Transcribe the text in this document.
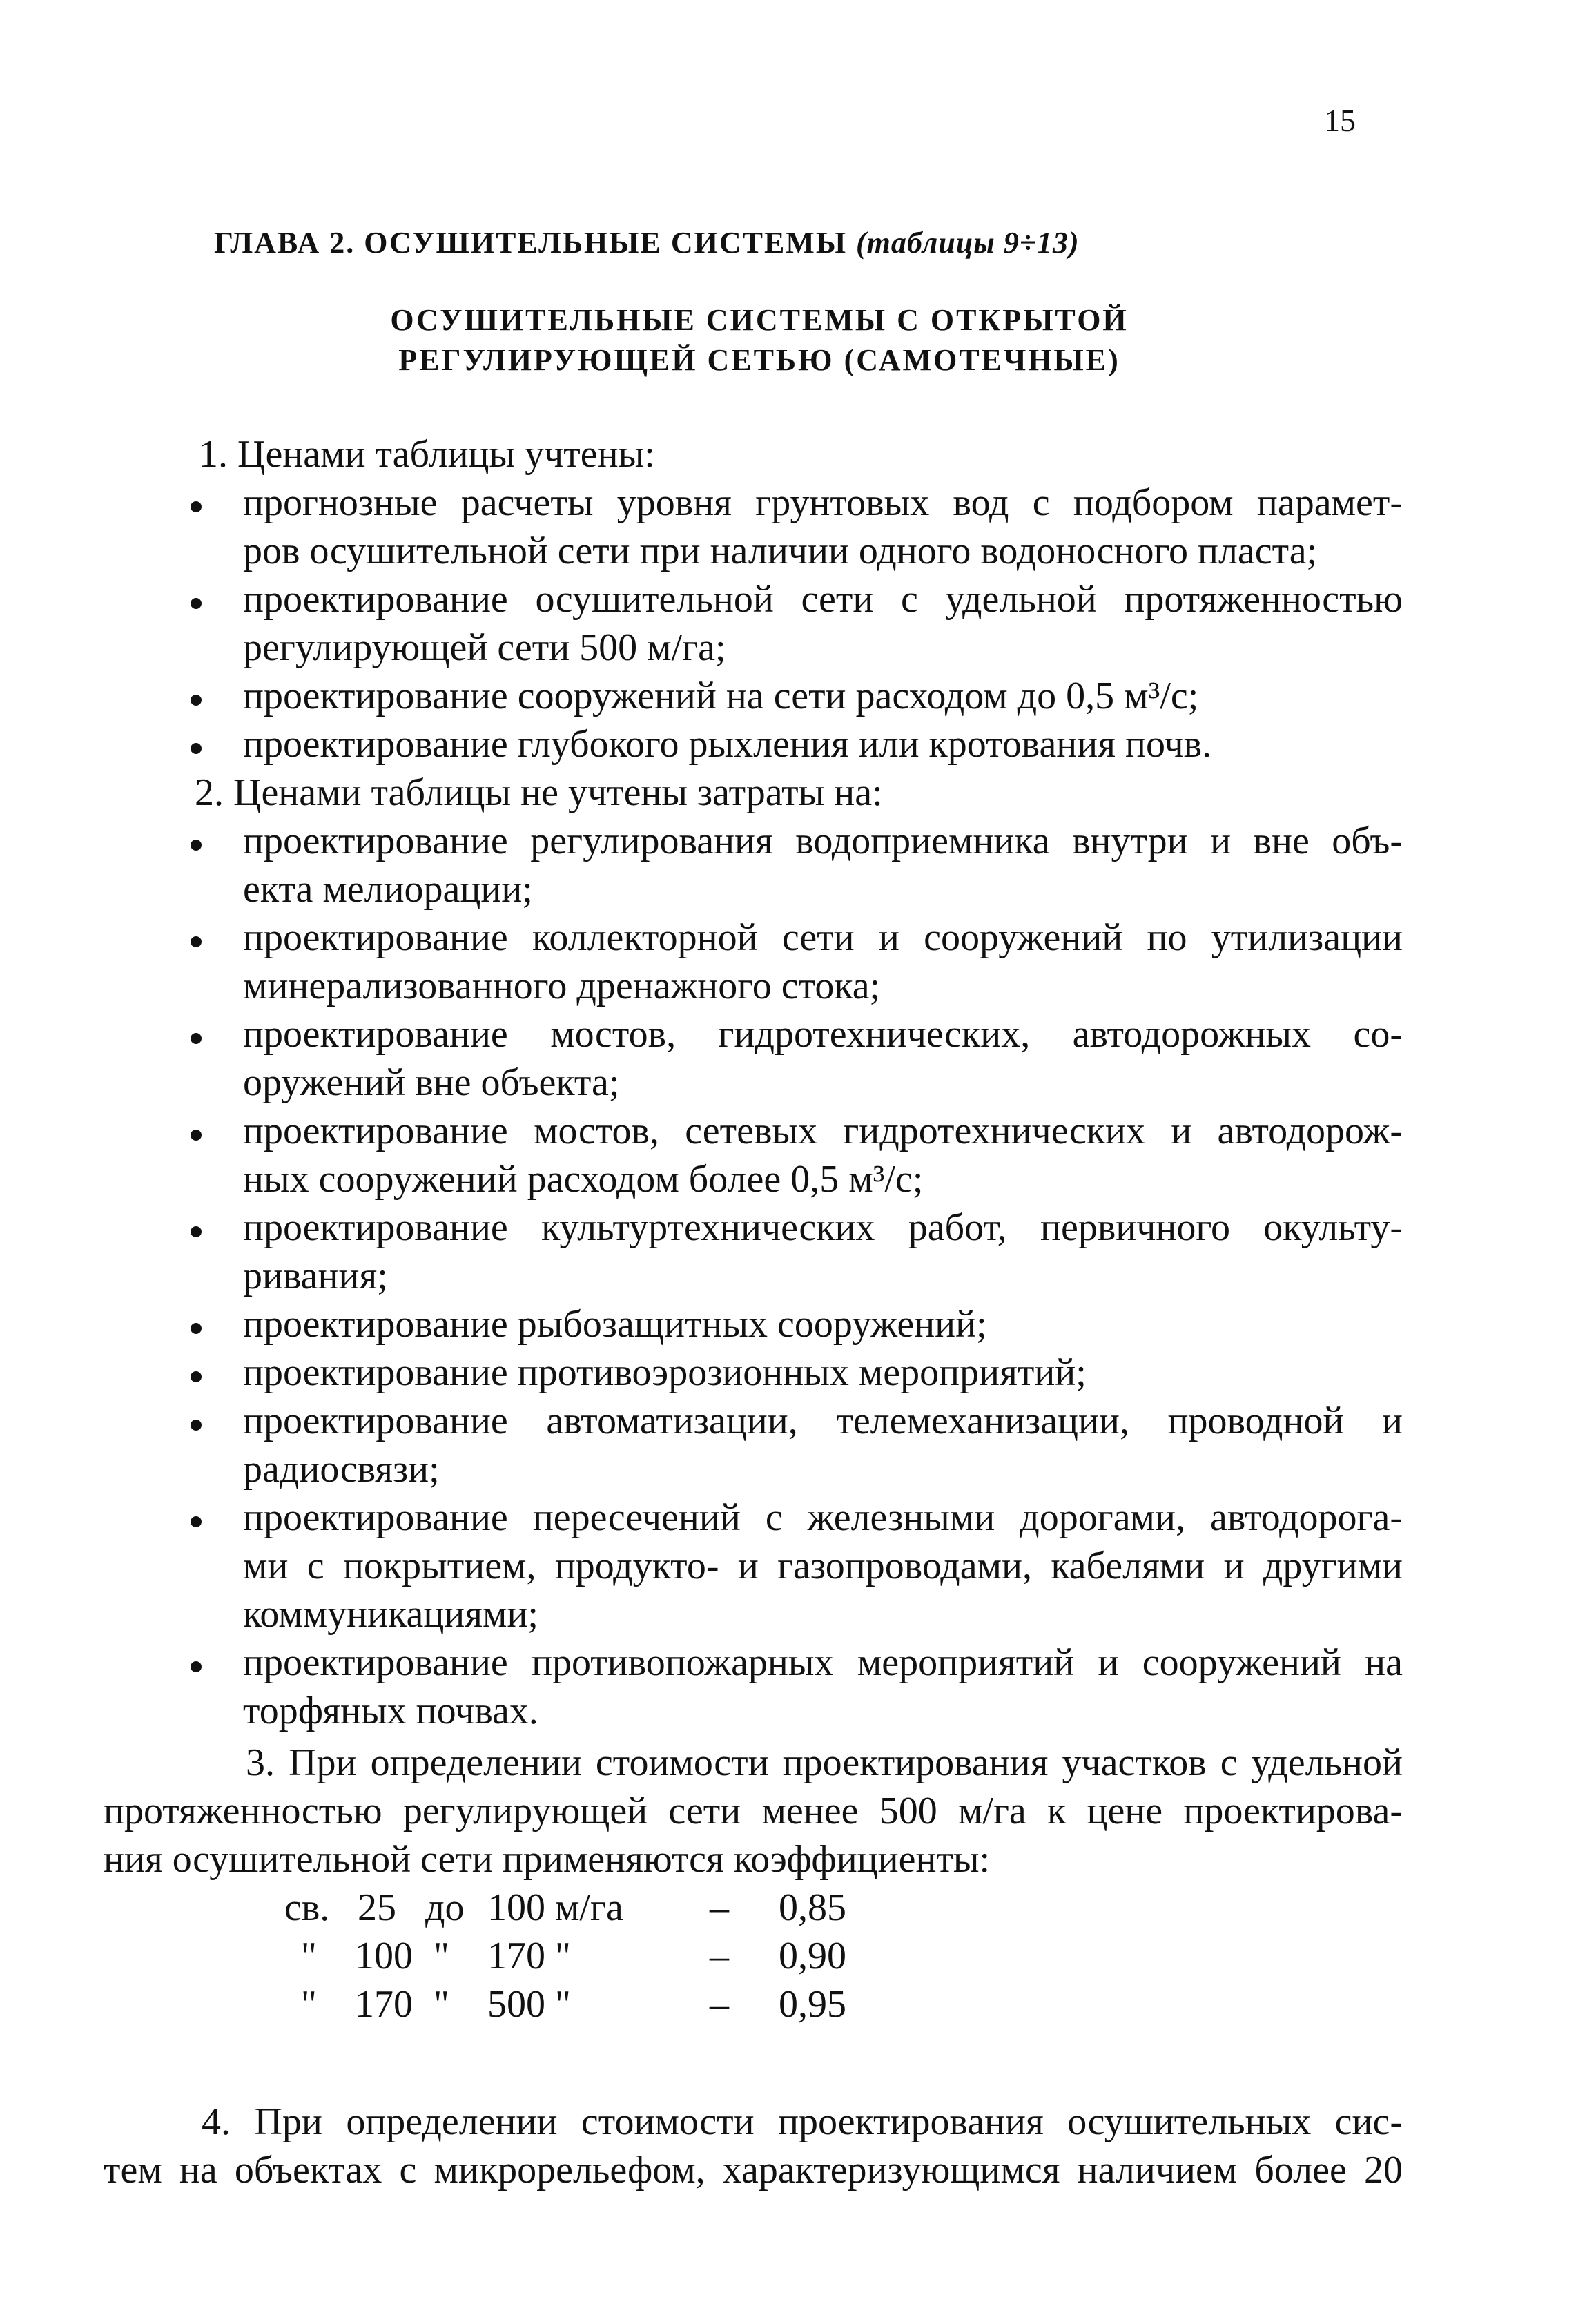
15
ГЛАВА 2. ОСУШИТЕЛЬНЫЕ СИСТЕМЫ (таблицы 9÷13)
ОСУШИТЕЛЬНЫЕ СИСТЕМЫ С ОТКРЫТОЙ
РЕГУЛИРУЮЩЕЙ СЕТЬЮ (САМОТЕЧНЫЕ)
1. Ценами таблицы учтены:
прогнозные расчеты уровня грунтовых вод с подбором парамет-
ров осушительной сети при наличии одного водоносного пласта;
проектирование осушительной сети с удельной протяженностью
регулирующей сети 500 м/га;
проектирование сооружений на сети расходом до 0,5 м³/с;
проектирование глубокого рыхления или кротования почв.
2. Ценами таблицы не учтены затраты на:
проектирование регулирования водоприемника внутри и вне объ-
екта мелиорации;
проектирование коллекторной сети и сооружений по утилизации
минерализованного дренажного стока;
проектирование мостов, гидротехнических, автодорожных со-
оружений вне объекта;
проектирование мостов, сетевых гидротехнических и автодорож-
ных сооружений расходом более 0,5 м³/с;
проектирование культуртехнических работ, первичного окульту-
ривания;
проектирование рыбозащитных сооружений;
проектирование противоэрозионных мероприятий;
проектирование автоматизации, телемеханизации, проводной и
радиосвязи;
проектирование пересечений с железными дорогами, автодорога-
ми с покрытием, продукто- и газопроводами, кабелями и другими
коммуникациями;
проектирование противопожарных мероприятий и сооружений на
торфяных почвах.
3. При определении стоимости проектирования участков с удельной
протяженностью регулирующей сети менее 500 м/га к цене проектирова-
ния осушительной сети применяются коэффициенты:
св. 25 до 100 м/га – 0,85
" 100 " 170 "	– 0,90
" 170 " 500 "	– 0,95
4. При определении стоимости проектирования осушительных сис-
тем на объектах с микрорельефом, характеризующимся наличием более 20
